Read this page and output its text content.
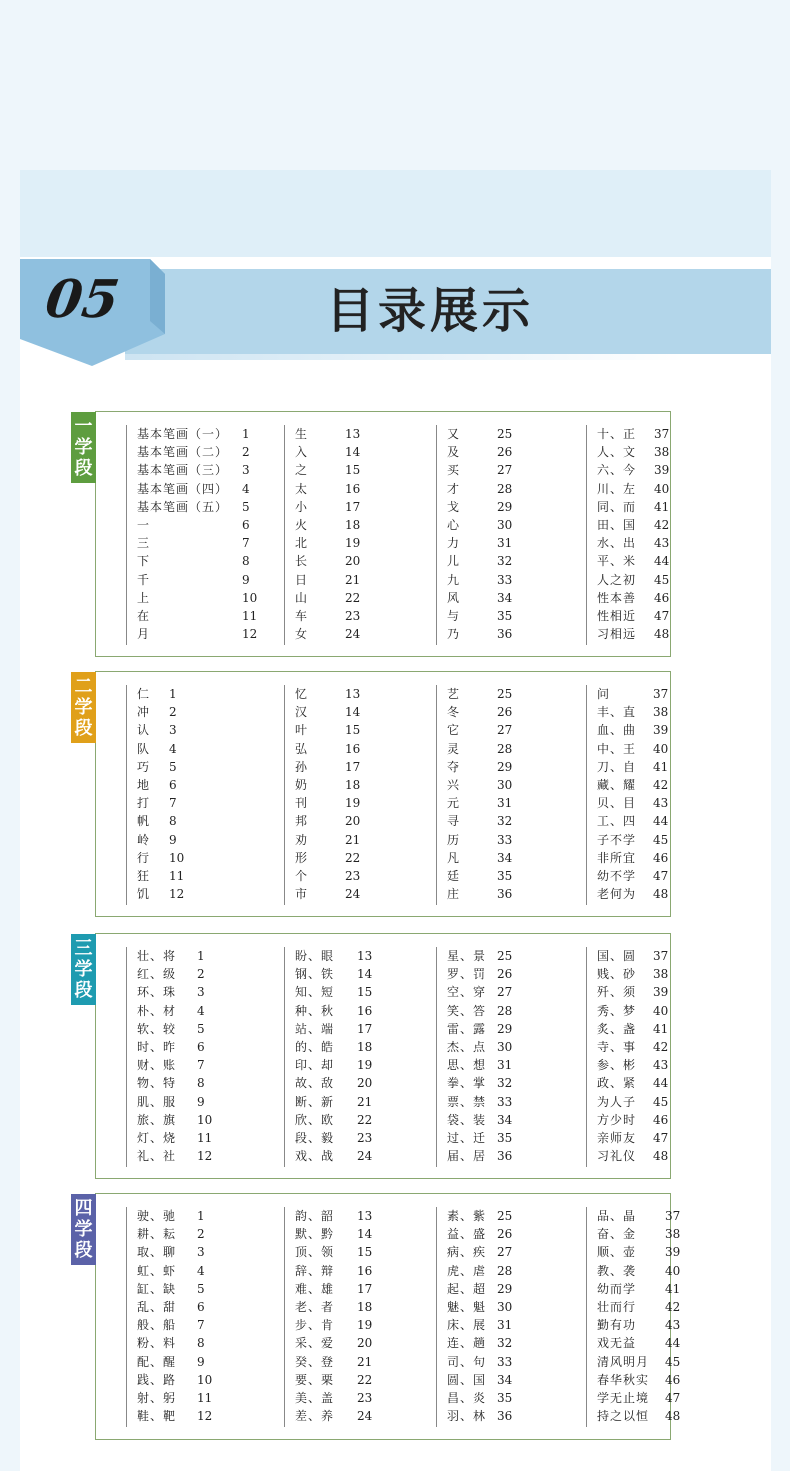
05	目录展示
一
学
段
基本笔画（一） 1
基本笔画（二） 2
基本笔画（三） 3
基本笔画（四） 4
基本笔画（五） 5
一	6
三	7
下	8
千	9
上	10
在	11
月	12
生	13
入	14
之	15
太	16
小	17
火	18
北	19
长	20
日	21
山	22
车	23
女	24
又	25
及	26
买	27
才	28
戈	29
心	30
力	31
儿	32
九	33
风	34
与	35
乃	36
十、正 37
人、文 38
六、今 39
川、左 40
同、而 41
田、国 42
水、出 43
平、米 44
人之初 45
性本善 46
性相近 47
习相远 48
二
学
段
仁 1
冲 2
认 3
队 4
巧 5
地 6
打 7
帆 8
岭 9
行 10
狂 11
饥 12
忆	13
汉	14
叶	15
弘	16
孙	17
奶	18
刊	19
邦	20
劝	21
形	22
个	23
市	24
艺	25
冬	26
它	27
灵	28
夺	29
兴	30
元	31
寻	32
历	33
凡	34
廷	35
庄	36
问	37
丰、直 38
血、曲 39
中、王 40
刀、自 41
藏、耀 42
贝、目 43
工、四 44
子不学 45
非所宜 46
幼不学 47
老何为 48
三
学
段
壮、将 1
红、级 2
环、珠 3
朴、材 4
软、较 5
时、昨 6
财、账 7
物、特 8
肌、服 9
旅、旗 10
灯、烧 11
礼、社 12
盼、眼 13
钢、铁 14
知、短 15
种、秋 16
站、端 17
的、皓 18
印、却 19
故、敌 20
断、新 21
欣、欧 22
段、毅 23
戏、战 24
星、景 25
罗、罚 26
空、穿 27
笑、答 28
雷、露 29
杰、点 30
思、想 31
拳、掌 32
票、禁 33
袋、装 34
过、迁 35
届、居 36
国、圆 37
贱、砂 38
歼、须 39
秀、梦 40
炙、盏 41
寺、事 42
参、彬 43
政、紧 44
为人子 45
方少时 46
亲师友 47
习礼仪 48
四
学
段
驶、驰 1
耕、耘 2
取、聊 3
虹、虾 4
缸、缺 5
乱、甜 6
般、船 7
粉、料 8
配、醒 9
践、路 10
射、躬 11
鞋、靶 12
韵、韶 13
默、黔 14
顶、领 15
辞、辩 16
难、雄 17
老、者 18
步、肯 19
采、爱 20
癸、登 21
要、栗 22
美、盖 23
差、养 24
素、紫 25
益、盛 26
病、疾 27
虎、虐 28
起、超 29
魅、魁 30
床、展 31
连、趟 32
司、句 33
圆、国 34
昌、炎 35
羽、林 36
品、晶 37
奋、金 38
顺、壶 39
教、袭 40
幼而学 41
壮而行 42
勤有功 43
戏无益 44
清风明月 45
春华秋实 46
学无止境 47
持之以恒 48
